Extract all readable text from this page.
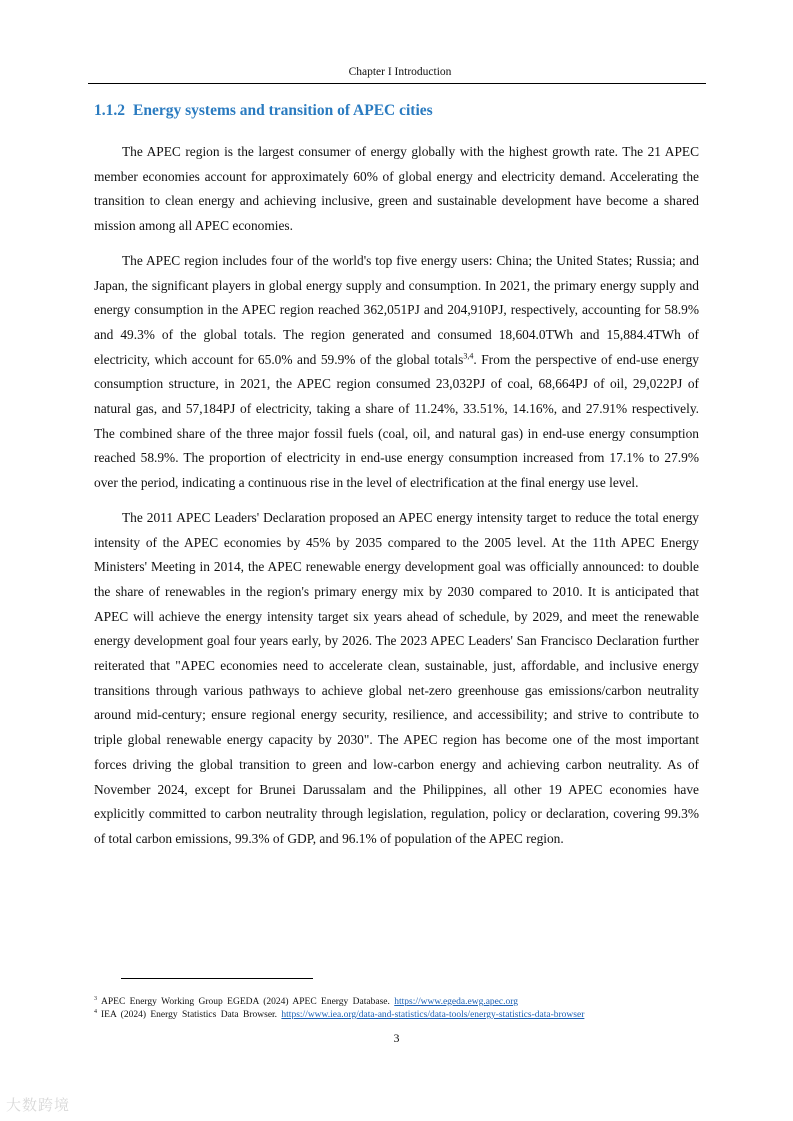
Chapter I Introduction
1.1.2 Energy systems and transition of APEC cities

The APEC region is the largest consumer of energy globally with the highest growth rate. The 21 APEC member economies account for approximately 60% of global energy and electricity demand. Accelerating the transition to clean energy and achieving inclusive, green and sustainable development have become a shared mission among all APEC economies.

The APEC region includes four of the world's top five energy users: China; the United States; Russia; and Japan, the significant players in global energy supply and consumption. In 2021, the primary energy supply and energy consumption in the APEC region reached 362,051PJ and 204,910PJ, respectively, accounting for 58.9% and 49.3% of the global totals. The region generated and consumed 18,604.0TWh and 15,884.4TWh of electricity, which account for 65.0% and 59.9% of the global totals$^{3,4}$. From the perspective of end-use energy consumption structure, in 2021, the APEC region consumed 23,032PJ of coal, 68,664PJ of oil, 29,022PJ of natural gas, and 57,184PJ of electricity, taking a share of 11.24%, 33.51%, 14.16%, and 27.91% respectively. The combined share of the three major fossil fuels (coal, oil, and natural gas) in end-use energy consumption reached 58.9%. The proportion of electricity in end-use energy consumption increased from 17.1% to 27.9% over the period, indicating a continuous rise in the level of electrification at the final energy use level.

The 2011 APEC Leaders' Declaration proposed an APEC energy intensity target to reduce the total energy intensity of the APEC economies by 45% by 2035 compared to the 2005 level. At the 11th APEC Energy Ministers' Meeting in 2014, the APEC renewable energy development goal was officially announced: to double the share of renewables in the region's primary energy mix by 2030 compared to 2010. It is anticipated that APEC will achieve the energy intensity target six years ahead of schedule, by 2029, and meet the renewable energy development goal four years early, by 2026. The 2023 APEC Leaders' San Francisco Declaration further reiterated that "APEC economies need to accelerate clean, sustainable, just, affordable, and inclusive energy transitions through various pathways to achieve global net-zero greenhouse gas emissions/carbon neutrality around mid-century; ensure regional energy security, resilience, and accessibility; and strive to contribute to triple global renewable energy capacity by 2030". The APEC region has become one of the most important forces driving the global transition to green and low-carbon energy and achieving carbon neutrality. As of November 2024, except for Brunei Darussalam and the Philippines, all other 19 APEC economies have explicitly committed to carbon neutrality through legislation, regulation, policy or declaration, covering 99.3% of total carbon emissions, 99.3% of GDP, and 96.1% of population of the APEC region.

$^3$ APEC Energy Working Group EGEDA (2024) APEC Energy Database. https://www.egeda.ewg.apec.org
$^4$ IEA (2024) Energy Statistics Data Browser. https://www.iea.org/data-and-statistics/data-tools/energy-statistics-data-browser
3
大数跨境
